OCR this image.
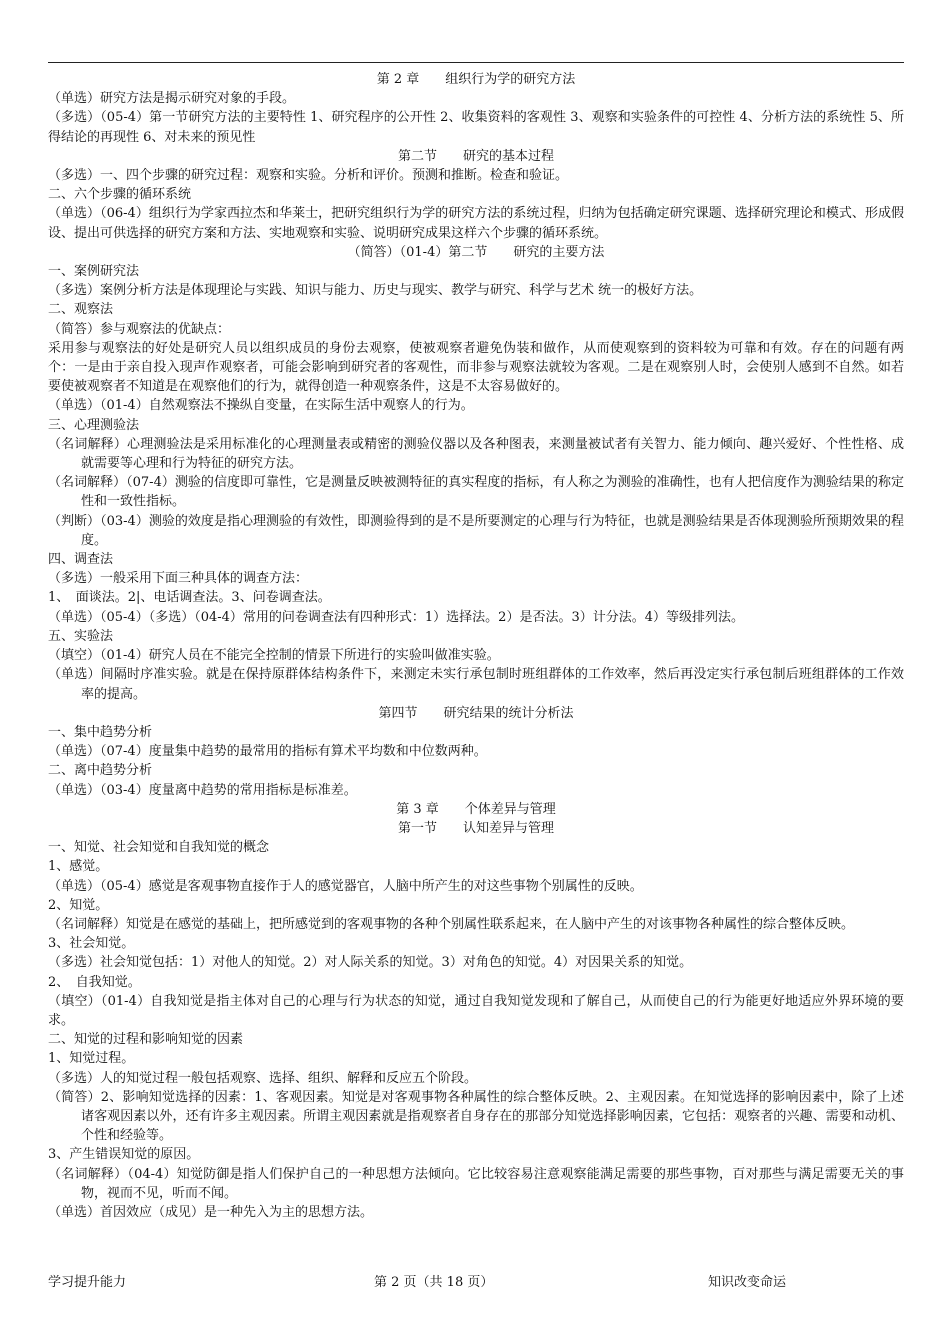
第 2 章　　组织行为学的研究方法

（单选）研究方法是揭示研究对象的手段。

（多选）（05-4）第一节研究方法的主要特性 1、研究程序的公开性 2、收集资料的客观性 3、观察和实验条件的可控性 4、分析方法的系统性 5、所得结论的再现性 6、对未来的预见性

第二节　　研究的基本过程

（多选）一、四个步骤的研究过程：观察和实验。分析和评价。预测和推断。检查和验证。

二、六个步骤的循环系统

（单选）（06-4）组织行为学家西拉杰和华莱士，把研究组织行为学的研究方法的系统过程，归纳为包括确定研究课题、选择研究理论和模式、形成假设、提出可供选择的研究方案和方法、实地观察和实验、说明研究成果这样六个步骤的循环系统。

（简答）（01-4）第二节　　研究的主要方法

一、案例研究法

（多选）案例分析方法是体现理论与实践、知识与能力、历史与现实、教学与研究、科学与艺术 统一的极好方法。

二、观察法

（简答）参与观察法的优缺点：

采用参与观察法的好处是研究人员以组织成员的身份去观察，使被观察者避免伪装和做作，从而使观察到的资料较为可靠和有效。存在的问题有两个：一是由于亲自投入现声作观察者，可能会影响到研究者的客观性，而非参与观察法就较为客观。二是在观察别人时，会使别人感到不自然。如若要使被观察者不知道是在观察他们的行为，就得创造一种观察条件，这是不太容易做好的。

（单选）（01-4）自然观察法不操纵自变量，在实际生活中观察人的行为。

三、心理测验法

（名词解释）心理测验法是采用标准化的心理测量表或精密的测验仪器以及各种图表，来测量被试者有关智力、能力倾向、趣兴爱好、个性性格、成就需要等心理和行为特征的研究方法。

（名词解释）（07-4）测验的信度即可靠性，它是测量反映被测特征的真实程度的指标，有人称之为测验的准确性，也有人把信度作为测验结果的称定性和一致性指标。

（判断）（03-4）测验的效度是指心理测验的有效性，即测验得到的是不是所要测定的心理与行为特征，也就是测验结果是否体现测验所预期效果的程度。

四、调查法

（多选）一般采用下面三种具体的调查方法：

1、　面谈法。2|、电话调查法。3、问卷调查法。

（单选）（05-4）（多选）（04-4）常用的问卷调查法有四种形式：1）选择法。2）是否法。3）计分法。4）等级排列法。

五、实验法

（填空）（01-4）研究人员在不能完全控制的情景下所进行的实验叫做准实验。

（单选）间隔时序准实验。就是在保持原群体结构条件下，来测定未实行承包制时班组群体的工作效率，然后再没定实行承包制后班组群体的工作效率的提高。

第四节　　研究结果的统计分析法

一、集中趋势分析

（单选）（07-4）度量集中趋势的最常用的指标有算术平均数和中位数两种。

二、离中趋势分析

（单选）（03-4）度量离中趋势的常用指标是标准差。

第 3 章　　个体差异与管理

第一节　　认知差异与管理

一、知觉、社会知觉和自我知觉的概念

1、感觉。

（单选）（05-4）感觉是客观事物直接作于人的感觉器官，人脑中所产生的对这些事物个别属性的反映。

2、知觉。

（名词解释）知觉是在感觉的基础上，把所感觉到的客观事物的各种个别属性联系起来，在人脑中产生的对该事物各种属性的综合整体反映。

3、社会知觉。

（多选）社会知觉包括：1）对他人的知觉。2）对人际关系的知觉。3）对角色的知觉。4）对因果关系的知觉。

2、　自我知觉。

（填空）（01-4）自我知觉是指主体对自己的心理与行为状态的知觉，通过自我知觉发现和了解自己，从而使自己的行为能更好地适应外界环境的要求。

二、知觉的过程和影响知觉的因素

1、知觉过程。

（多选）人的知觉过程一般包括观察、选择、组织、解释和反应五个阶段。

（简答）2、影响知觉选择的因素：1、客观因素。知觉是对客观事物各种属性的综合整体反映。2、主观因素。在知觉选择的影响因素中，除了上述诸客观因素以外，还有许多主观因素。所谓主观因素就是指观察者自身存在的那部分知觉选择影响因素，它包括：观察者的兴趣、需要和动机、个性和经验等。

3、产生错误知觉的原因。

（名词解释）（04-4）知觉防御是指人们保护自己的一种思想方法倾向。它比较容易注意观察能满足需要的那些事物，百对那些与满足需要无关的事物，视而不见，听而不闻。

（单选）首因效应（成见）是一种先入为主的思想方法。

学习提升能力	第 2 页（共 18 页）	知识改变命运
